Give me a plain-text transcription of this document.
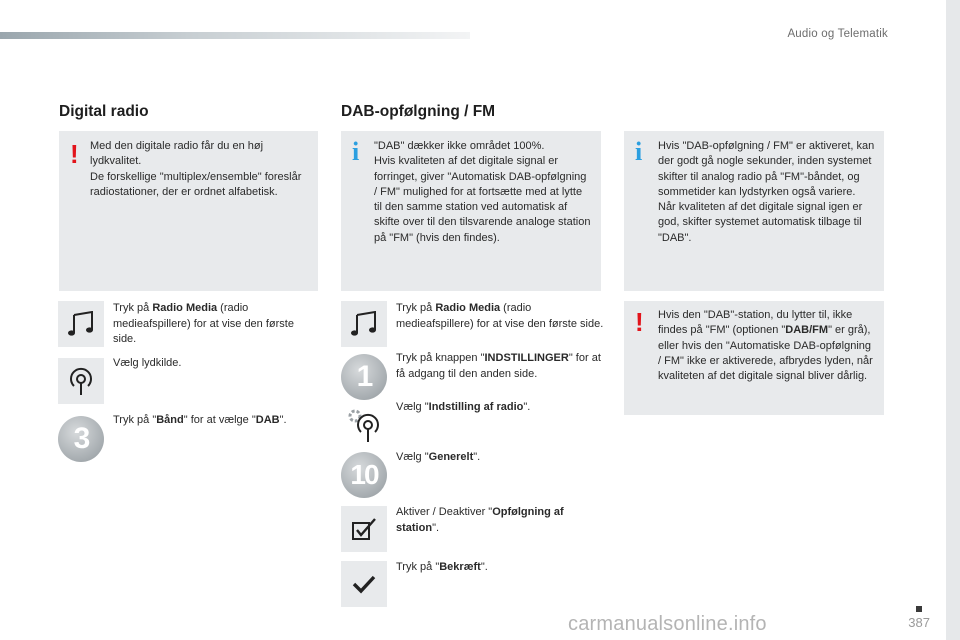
Audio og Telematik
Digital radio
! Med den digitale radio får du en høj lydkvalitet.
De forskellige "multiplex/ensemble" foreslår radiostationer, der er ordnet alfabetisk.
Tryk på Radio Media (radio medieafspillere) for at vise den første side.
Vælg lydkilde.
3
Tryk på "Bånd" for at vælge "DAB".
DAB-opfølgning / FM
i "DAB" dækker ikke området 100%.
Hvis kvaliteten af det digitale signal er forringet, giver "Automatisk DAB-opfølgning / FM" mulighed for at fortsætte med at lytte til den samme station ved automatisk af skifte over til den tilsvarende analoge station på "FM" (hvis den findes).
Tryk på Radio Media (radio medieafspillere) for at vise den første side.
1
Tryk på knappen "INDSTILLINGER" for at få adgang til den anden side.
Vælg "Indstilling af radio".
10
Vælg "Generelt".
Aktiver / Deaktiver "Opfølgning af station".
Tryk på "Bekræft".
i Hvis "DAB-opfølgning / FM" er aktiveret, kan der godt gå nogle sekunder, inden systemet skifter til analog radio på "FM"-båndet, og sommetider kan lydstyrken også variere.
Når kvaliteten af det digitale signal igen er god, skifter systemet automatisk tilbage til "DAB".
! Hvis den "DAB"-station, du lytter til, ikke findes på "FM" (optionen "DAB/FM" er grå), eller hvis den "Automatiske DAB-opfølgning / FM" ikke er aktiverede, afbrydes lyden, når kvaliteten af det digitale signal bliver dårlig.
387
carmanualsonline.info
